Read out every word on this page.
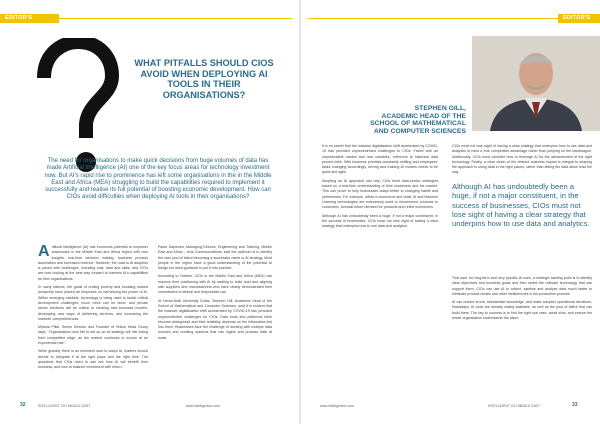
EDITOR'S QUESTION
EDITOR'S QUESTION
WHAT PITFALLS SHOULD CIOS AVOID WHEN DEPLOYING AI TOOLS IN THEIR ORGANISATIONS?
The need for organisations to make quick decisions from huge volumes of data has made Artificial Intelligence (AI) one of the key focus areas for technology investment now. But AI’s rapid rise to prominence has left some organisations in the in the Middle East and Africa (MEA) struggling to build the capabilities required to implement it successfully and realise its full potential of boosting economic development. How can CIOs avoid difficulties when deploying AI tools in their organisations?

Artificial Intelligence (AI) has enormous potential to empower businesses in the Middle East and Africa region with new insights, real-time decision making, business process automation and increased revenue. However, the road to AI adoption is paved with challenges, including cost, data and skills, and CIOs are now looking at the best way forward to harness AI’s capabilities for their organisations.

In many nations, the goals of ending poverty and boosting shared prosperity have placed an emphasis on harnessing the power of AI. Within emerging markets, technology is being used to tackle critical development challenges, much more can be done, and private sector solutions will be critical to creating new business models, developing new ways of delivering services, and increasing the markets’ competitiveness.

Mridula Pillai, Senior Director and Founder of Yellow Head Group says, “Organisations who fail to set up an AI strategy will risk losing their competitive edge, as the market continues to evolve at an exponential rate.”

While globally there is an imminent race to adopt AI, leaders should decide to integrate it at the right place and the right time. The questions that CIOs need to ask are how AI will benefit their business, and how to balance investment with return.

Paolo Sapienza, Managing Director, Engineering and Training, Middle East and Africa – Axis Communications, said the optimum is to identify the vast pool of talent becoming a successful name in AI strategy. Most people in the region have a good understanding of the potential AI brings but need guidance to put it into practice.

According to Gartner, CIOs in the Middle East and Africa (MEA) can improve their positioning with AI by starting to build trust and aligning with suppliers and manufacturers who have clearly demonstrated their commitment to ethical and responsible use.

At Heriot-Watt University Dubai, Stephen Gill, Academic Head of the School of Mathematical and Computer Sciences, said it is evident that the massive digitalisation shift accelerated by COVID-19 has provided unprecedented challenges for CIOs. Data tools and platforms have become widespread and their reliability depends on the information fed into them. Businesses face the challenge of working with multiple data sources and creating systems that can ingest and process data at scale.

STEPHEN GILL,
ACADEMIC HEAD OF THE
SCHOOL OF MATHEMATICAL
AND COMPUTER SCIENCES

It is no secret that the massive digitalisation shift accelerated by COVID-19 has provided unprecedented challenges to CIOs. Faced with an unpredictable market and new variables, reference to historical data proved futile. With business priorities constantly shifting and employees’ tasks changing accordingly, driving and training AI models needs to be quick and agile.

Adopting an AI approach can help CIOs build data-centric strategies based on a real-time understanding of their customers and the market. This can prove to help businesses adapt better to changing habits and preferences. For example, within e-commerce and retail, AI and Machine Learning technologies are extensively used to recommend products to customers, forecast future demand for products and refine inventories.

Although AI has undoubtedly been a huge, if not a major constituent, in the success of businesses, CIOs must not lose sight of having a clear strategy that underpins how to use data and analytics.

CIOs must not lose sight of having a clear strategy that underpins how to use data and analytics to have a true competitive advantage rather than jumping on the bandwagon. Additionally, CIOs must consider how to leverage AI for the advancement of the right technology. Finally, a clear vision of the desired business impact is integral to shaping the approach to using data in the right places, rather than letting the data alone lead the way.

Although AI has undoubtedly been a huge, if not a major constituent, in the success of businesses, CIOs must not lose sight of having a clear strategy that underpins how to use data and analytics.

That said, for long-term and very specific AI uses, a strategic starting point is to identify clear objectives and business goals and then select the relevant technology that can support them. CIOs can use AI to collect, sanitise and analyse data much faster to eliminate product recalls and other inefficiencies in the production process.

AI can reduce errors, standardise knowledge, and make complex operational decisions. Nowadays, AI tools are already widely available, as well as the pool of talent that can build them. The key to success is to find the right use case, avoid silos, and ensure the whole organisation understands the value.

32	INTELLIGENT CIO MIDDLE EAST	www.intelligentcio.com	www.intelligentcio.com	INTELLIGENT CIO MIDDLE EAST	33
